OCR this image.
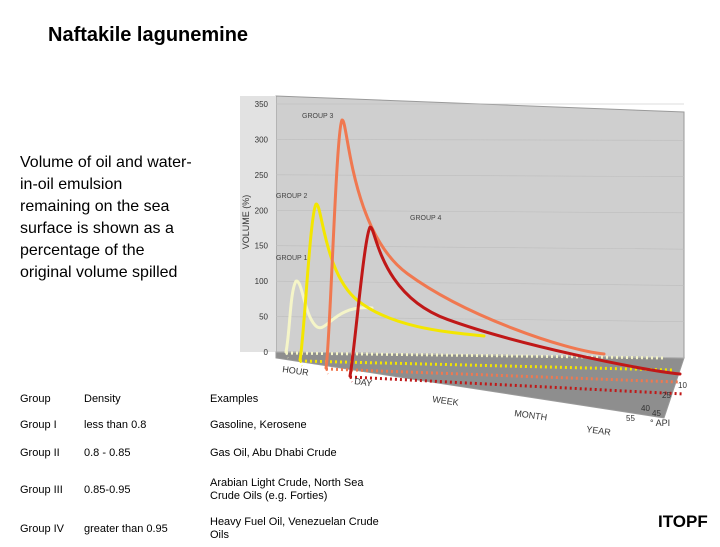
Naftakile lagunemine
Volume of oil and water-
in-oil emulsion
remaining on the sea
surface is shown as a
percentage of the
original volume spilled
0
50
100
150
200
250
300
350
VOLUME (%)
GROUP 1
GROUP 2
GROUP 3
GROUP 4
HOUR
DAY
WEEK
MONTH
YEAR
10
25
40
45
55 ° API
Group	Density	Examples
Group I	less than 0.8	Gasoline, Kerosene

Group II	0.8 - 0.85	Gas Oil, Abu Dhabi Crude

Group III	0.85-0.95	Arabian Light Crude, North Sea
Crude Oils (e.g. Forties)

Group IV	greater than 0.95	Heavy Fuel Oil, Venezuelan Crude
Oils
ITOPF
